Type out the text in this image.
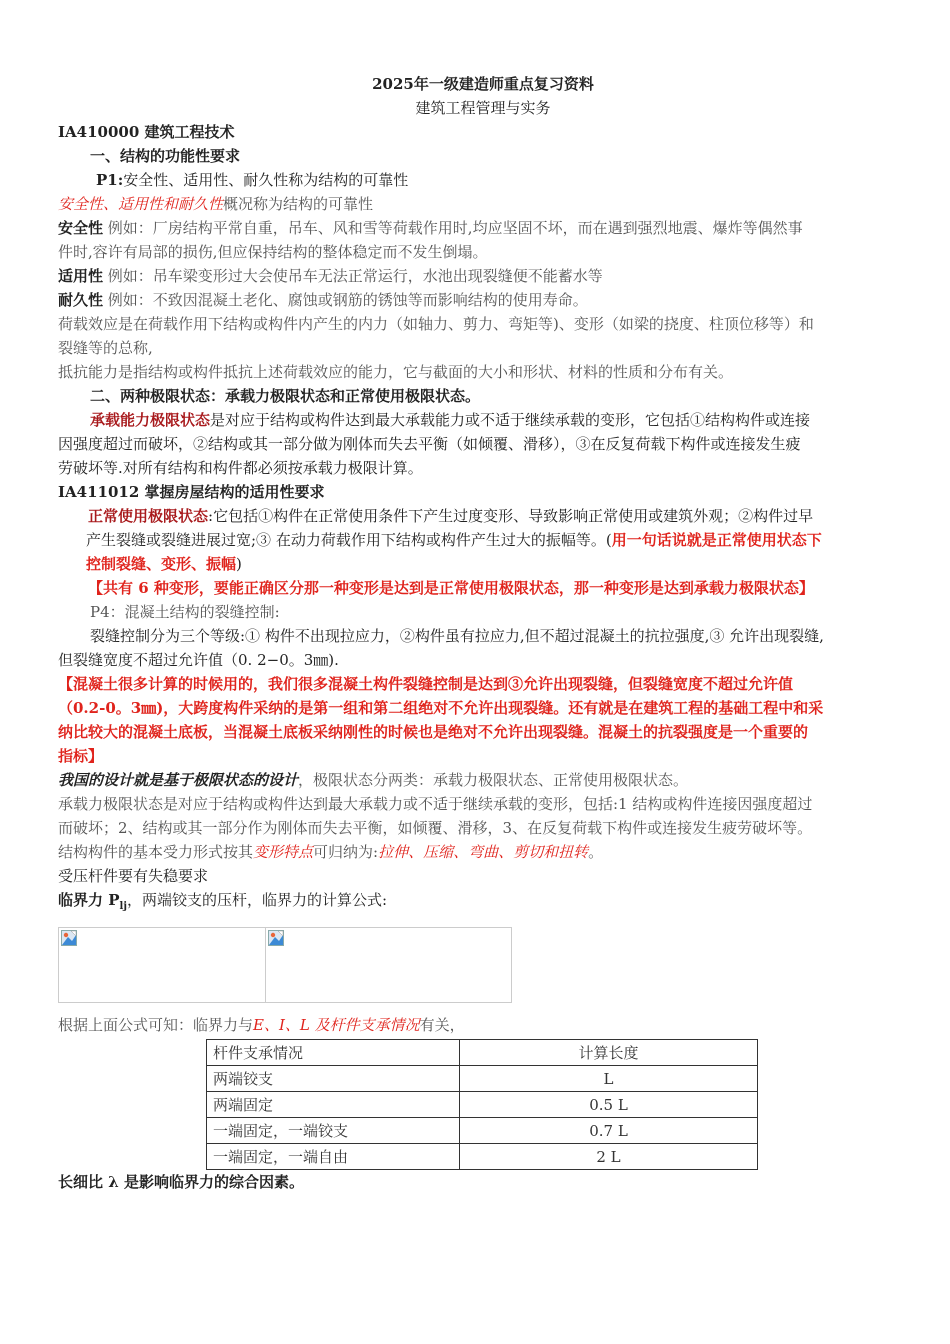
2025年一级建造师重点复习资料

建筑工程管理与实务

IA410000 建筑工程技术

一、结构的功能性要求

P1:安全性、适用性、耐久性称为结构的可靠性

安全性、适用性和耐久性概况称为结构的可靠性

安全性 例如：厂房结构平常自重，吊车、风和雪等荷载作用时,均应坚固不坏，而在遇到强烈地震、爆炸等偶然事

件时,容许有局部的损伤,但应保持结构的整体稳定而不发生倒塌。

适用性 例如：吊车梁变形过大会使吊车无法正常运行，水池出现裂缝便不能蓄水等

耐久性 例如：不致因混凝土老化、腐蚀或钢筋的锈蚀等而影响结构的使用寿命。

荷载效应是在荷载作用下结构或构件内产生的内力（如轴力、剪力、弯矩等)、变形（如梁的挠度、柱顶位移等）和

裂缝等的总称,

抵抗能力是指结构或构件抵抗上述荷载效应的能力，它与截面的大小和形状、材料的性质和分布有关。

二、两种极限状态：承载力极限状态和正常使用极限状态。

承载能力极限状态是对应于结构或构件达到最大承载能力或不适于继续承载的变形，它包括①结构构件或连接

因强度超过而破坏，②结构或其一部分做为刚体而失去平衡（如倾覆、滑移），③在反复荷载下构件或连接发生疲

劳破坏等.对所有结构和构件都必须按承载力极限计算。

IA411012 掌握房屋结构的适用性要求

正常使用极限状态:它包括①构件在正常使用条件下产生过度变形、导致影响正常使用或建筑外观；②构件过早

产生裂缝或裂缝进展过宽;③ 在动力荷载作用下结构或构件产生过大的振幅等。(用一句话说就是正常使用状态下

控制裂缝、变形、振幅)

【共有 6 种变形，要能正确区分那一种变形是达到是正常使用极限状态，那一种变形是达到承载力极限状态】

P4：混凝土结构的裂缝控制:

裂缝控制分为三个等级:① 构件不出现拉应力，②构件虽有拉应力,但不超过混凝土的抗拉强度,③ 允许出现裂缝,

但裂缝宽度不超过允许值（0. 2−0。3㎜).

【混凝土很多计算的时候用的，我们很多混凝土构件裂缝控制是达到③允许出现裂缝，但裂缝宽度不超过允许值

（0.2-0。3㎜)，大跨度构件采纳的是第一组和第二组绝对不允许出现裂缝。还有就是在建筑工程的基础工程中和采

纳比较大的混凝土底板，当混凝土底板采纳刚性的时候也是绝对不允许出现裂缝。混凝土的抗裂强度是一个重要的

指标】

我国的设计就是基于极限状态的设计，极限状态分两类：承载力极限状态、正常使用极限状态。

承载力极限状态是对应于结构或构件达到最大承载力或不适于继续承载的变形，包括:1 结构或构件连接因强度超过

而破坏；2、结构或其一部分作为刚体而失去平衡，如倾覆、滑移，3、在反复荷载下构件或连接发生疲劳破坏等。

结构构件的基本受力形式按其变形特点可归纳为:拉伸、压缩、弯曲、剪切和扭转。

受压杆件要有失稳要求

临界力 $P_{lj}$，两端铰支的压杆，临界力的计算公式:

根据上面公式可知：临界力与E、I、L 及杆件支承情况有关，

杆件支承情况	计算长度
两端铰支	L
两端固定	0.5 L
一端固定，一端铰支	0.7 L
一端固定，一端自由	2 L

长细比 λ 是影响临界力的综合因素。
